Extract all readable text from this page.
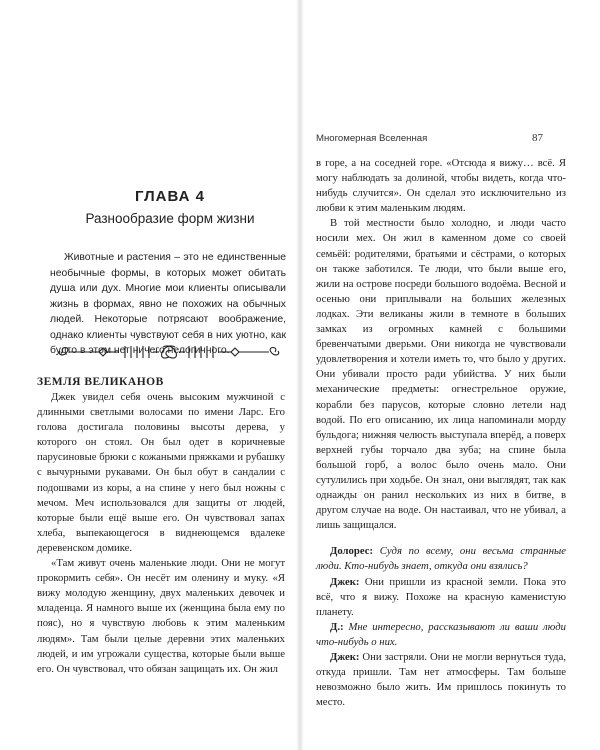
ГЛАВА 4
Разнообразие форм жизни

Животные и растения – это не единственные необычные формы, в которых может обитать душа или дух. Многие мои клиенты описывали жизнь в формах, явно не похожих на обычных людей. Некоторые потрясают воображение, однако клиенты чувствуют себя в них уютно, как будто в этом нет ничего нелогичного.

ЗЕМЛЯ ВЕЛИКАНОВ

Джек увидел себя очень высоким мужчиной с длинными светлыми волосами по имени Ларс. Его голова достигала половины высоты дерева, у которого он стоял. Он был одет в коричневые парусиновые брюки с кожаными пряжками и рубашку с вычурными рукавами. Он был обут в сандалии с подошвами из коры, а на спине у него был ножны с мечом. Меч использовался для защиты от людей, которые были ещё выше его. Он чувствовал запах хлеба, выпекающегося в виднеющемся вдалеке деревенском домике.

«Там живут очень маленькие люди. Они не могут прокормить себя». Он несёт им оленину и муку. «Я вижу молодую женщину, двух маленьких девочек и младенца. Я намного выше их (женщина была ему по пояс), но я чувствую любовь к этим маленьким людям». Там были целые деревни этих маленьких людей, и им угрожали существа, которые были выше его. Он чувствовал, что обязан защищать их. Он жил

Многомерная Вселенная	87

в горе, а на соседней горе. «Отсюда я вижу… всё. Я могу наблюдать за долиной, чтобы видеть, когда что-нибудь случится». Он сделал это исключительно из любви к этим маленьким людям.

В той местности было холодно, и люди часто носили мех. Он жил в каменном доме со своей семьёй: родителями, братьями и сёстрами, о которых он также заботился. Те люди, что были выше его, жили на острове посреди большого водоёма. Весной и осенью они приплывали на больших железных лодках. Эти великаны жили в темноте в больших замках из огромных камней с большими бревенчатыми дверьми. Они никогда не чувствовали удовлетворения и хотели иметь то, что было у других. Они убивали просто ради убийства. У них были механические предметы: огнестрельное оружие, корабли без парусов, которые словно летели над водой. По его описанию, их лица напоминали морду бульдога; нижняя челюсть выступала вперёд, а поверх верхней губы торчало два зуба; на спине была большой горб, а волос было очень мало. Они сутулились при ходьбе. Он знал, они выглядят, так как однажды он ранил нескольких из них в битве, в другом случае на воде. Он настаивал, что не убивал, а лишь защищался.

Долорес: Судя по всему, они весьма странные люди. Кто-нибудь знает, откуда они взялись?

Джек: Они пришли из красной земли. Пока это всё, что я вижу. Похоже на красную каменистую планету.

Д.: Мне интересно, рассказывают ли ваши люди что-нибудь о них.

Джек: Они застряли. Они не могли вернуться туда, откуда пришли. Там нет атмосферы. Там больше невозможно было жить. Им пришлось покинуть то место.
